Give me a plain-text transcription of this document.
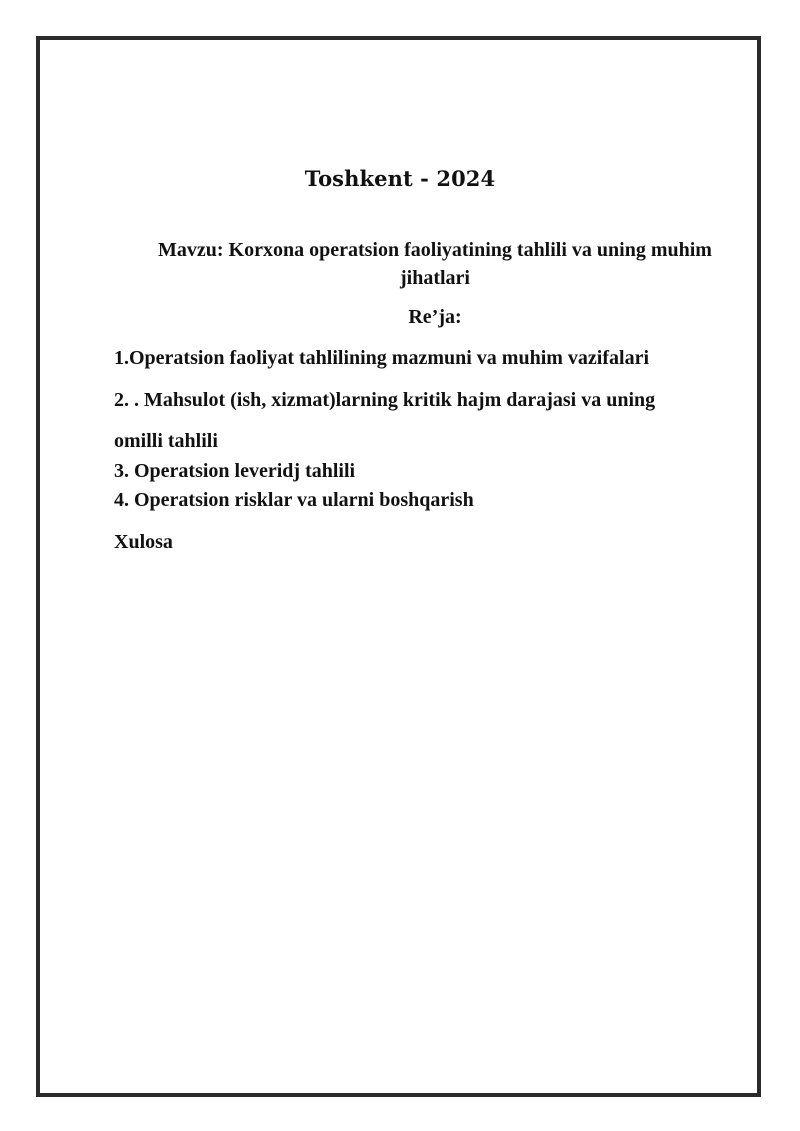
Toshkent - 2024
Mavzu: Korxona operatsion faoliyatining tahlili va uning muhim jihatlari
Re’ja:
1.Operatsion faoliyat tahlilining mazmuni va muhim vazifalari
2. . Mahsulot (ish, xizmat)larning kritik hajm darajasi va uning
omilli tahlili
3. Operatsion leveridj tahlili
4. Operatsion risklar va ularni boshqarish
Xulosa
